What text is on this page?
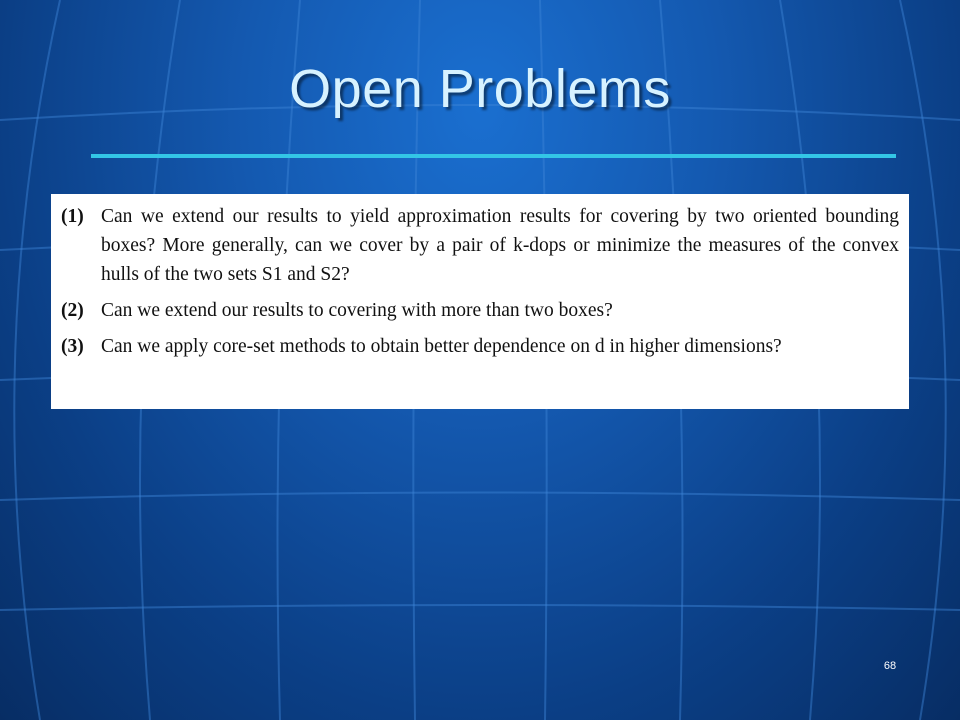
Open Problems
(1) Can we extend our results to yield approximation results for covering by two oriented bounding boxes? More generally, can we cover by a pair of k-dops or minimize the measures of the convex hulls of the two sets S1 and S2?
(2) Can we extend our results to covering with more than two boxes?
(3) Can we apply core-set methods to obtain better dependence on d in higher dimensions?
68
